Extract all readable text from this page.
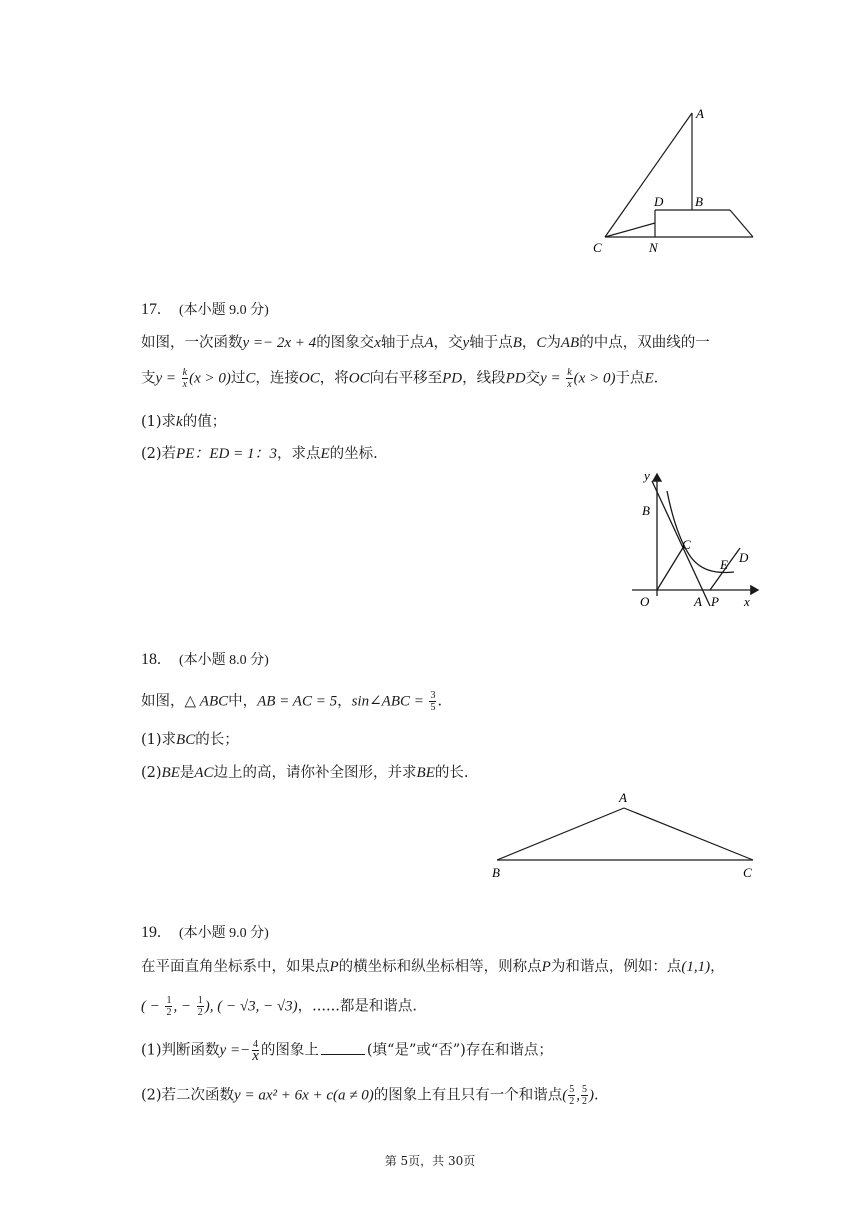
A
B
D
C	N
17. (本小题 9.0 分)
如图，一次函数y =− 2x + 4的图象交x轴于点A，交y轴于点B，C为AB的中点，双曲线的一
支$y = \frac{k}{x} (x > 0)$过C，连接OC，将OC向右平移至PD，线段PD交$y = \frac{k}{x} (x > 0)$于点E.
(1)求k的值；
(2)若PE：ED = 1：3，求点E的坐标.
y
B
C
E D
O	A P x
18. (本小题 8.0 分)
如图，△ ABC中，AB = AC = 5，sin∠ABC = $\frac{3}{5}$ .
(1)求BC的长；
(2)BE是AC边上的高，请你补全图形，并求BE的长.
A
B	C
19. (本小题 9.0 分)
在平面直角坐标系中，如果点P的横坐标和纵坐标相等，则称点P为和谐点，例如：点(1,1)，
( − $\frac{1}{2}$ , − $\frac{1}{2}$ ), ( − √3, − √3)，......都是和谐点.
(1)判断函数$y =- \frac{4}{x}$ 的图象上	(填“是”或“否”)存在和谐点；
(2)若二次函数y = ax² + 6x + c(a ≠ 0)的图象上有且只有一个和谐点( $\frac{5}{2}$ , $\frac{5}{2}$ ).
第 5页，共 30页
